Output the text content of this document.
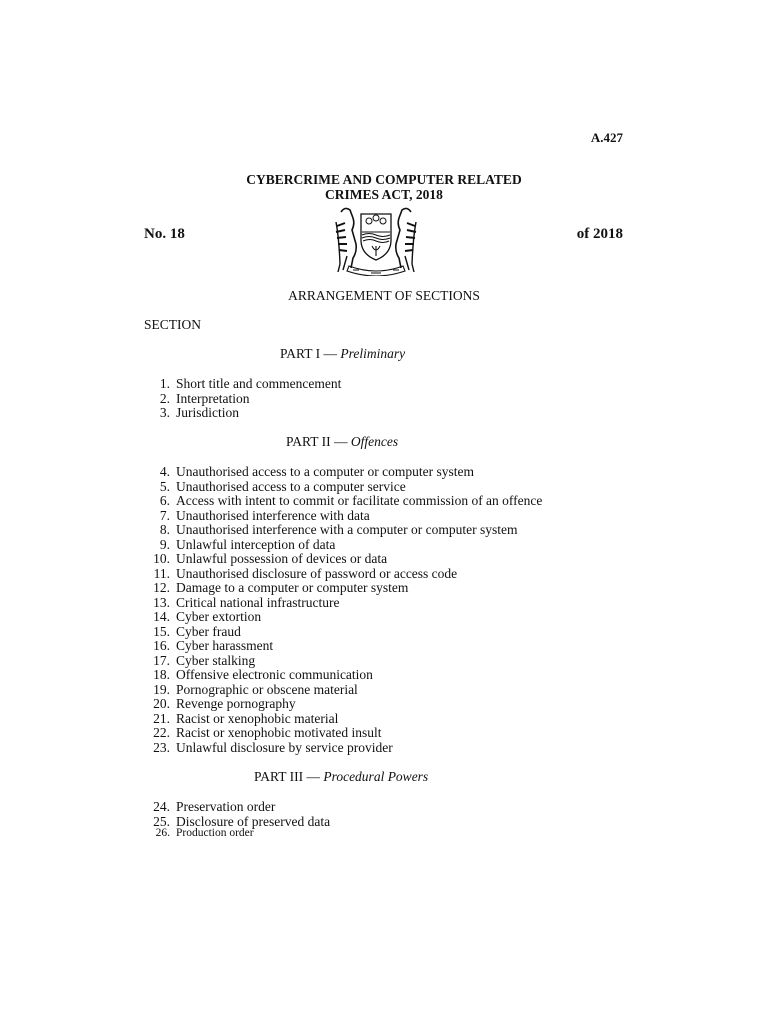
A.427
CYBERCRIME AND COMPUTER RELATED
CRIMES ACT, 2018
No. 18	of 2018
ARRANGEMENT OF SECTIONS
SECTION
PART I — Preliminary
1. Short title and commencement
2. Interpretation
3. Jurisdiction
PART II — Offences
4. Unauthorised access to a computer or computer system
5. Unauthorised access to a computer service
6. Access with intent to commit or facilitate commission of an offence
7. Unauthorised interference with data
8. Unauthorised interference with a computer or computer system
9. Unlawful interception of data
10. Unlawful possession of devices or data
11. Unauthorised disclosure of password or access code
12. Damage to a computer or computer system
13. Critical national infrastructure
14. Cyber extortion
15. Cyber fraud
16. Cyber harassment
17. Cyber stalking
18. Offensive electronic communication
19. Pornographic or obscene material
20. Revenge pornography
21. Racist or xenophobic material
22. Racist or xenophobic motivated insult
23. Unlawful disclosure by service provider
PART III — Procedural Powers
24. Preservation order
25. Disclosure of preserved data
26. Production order
